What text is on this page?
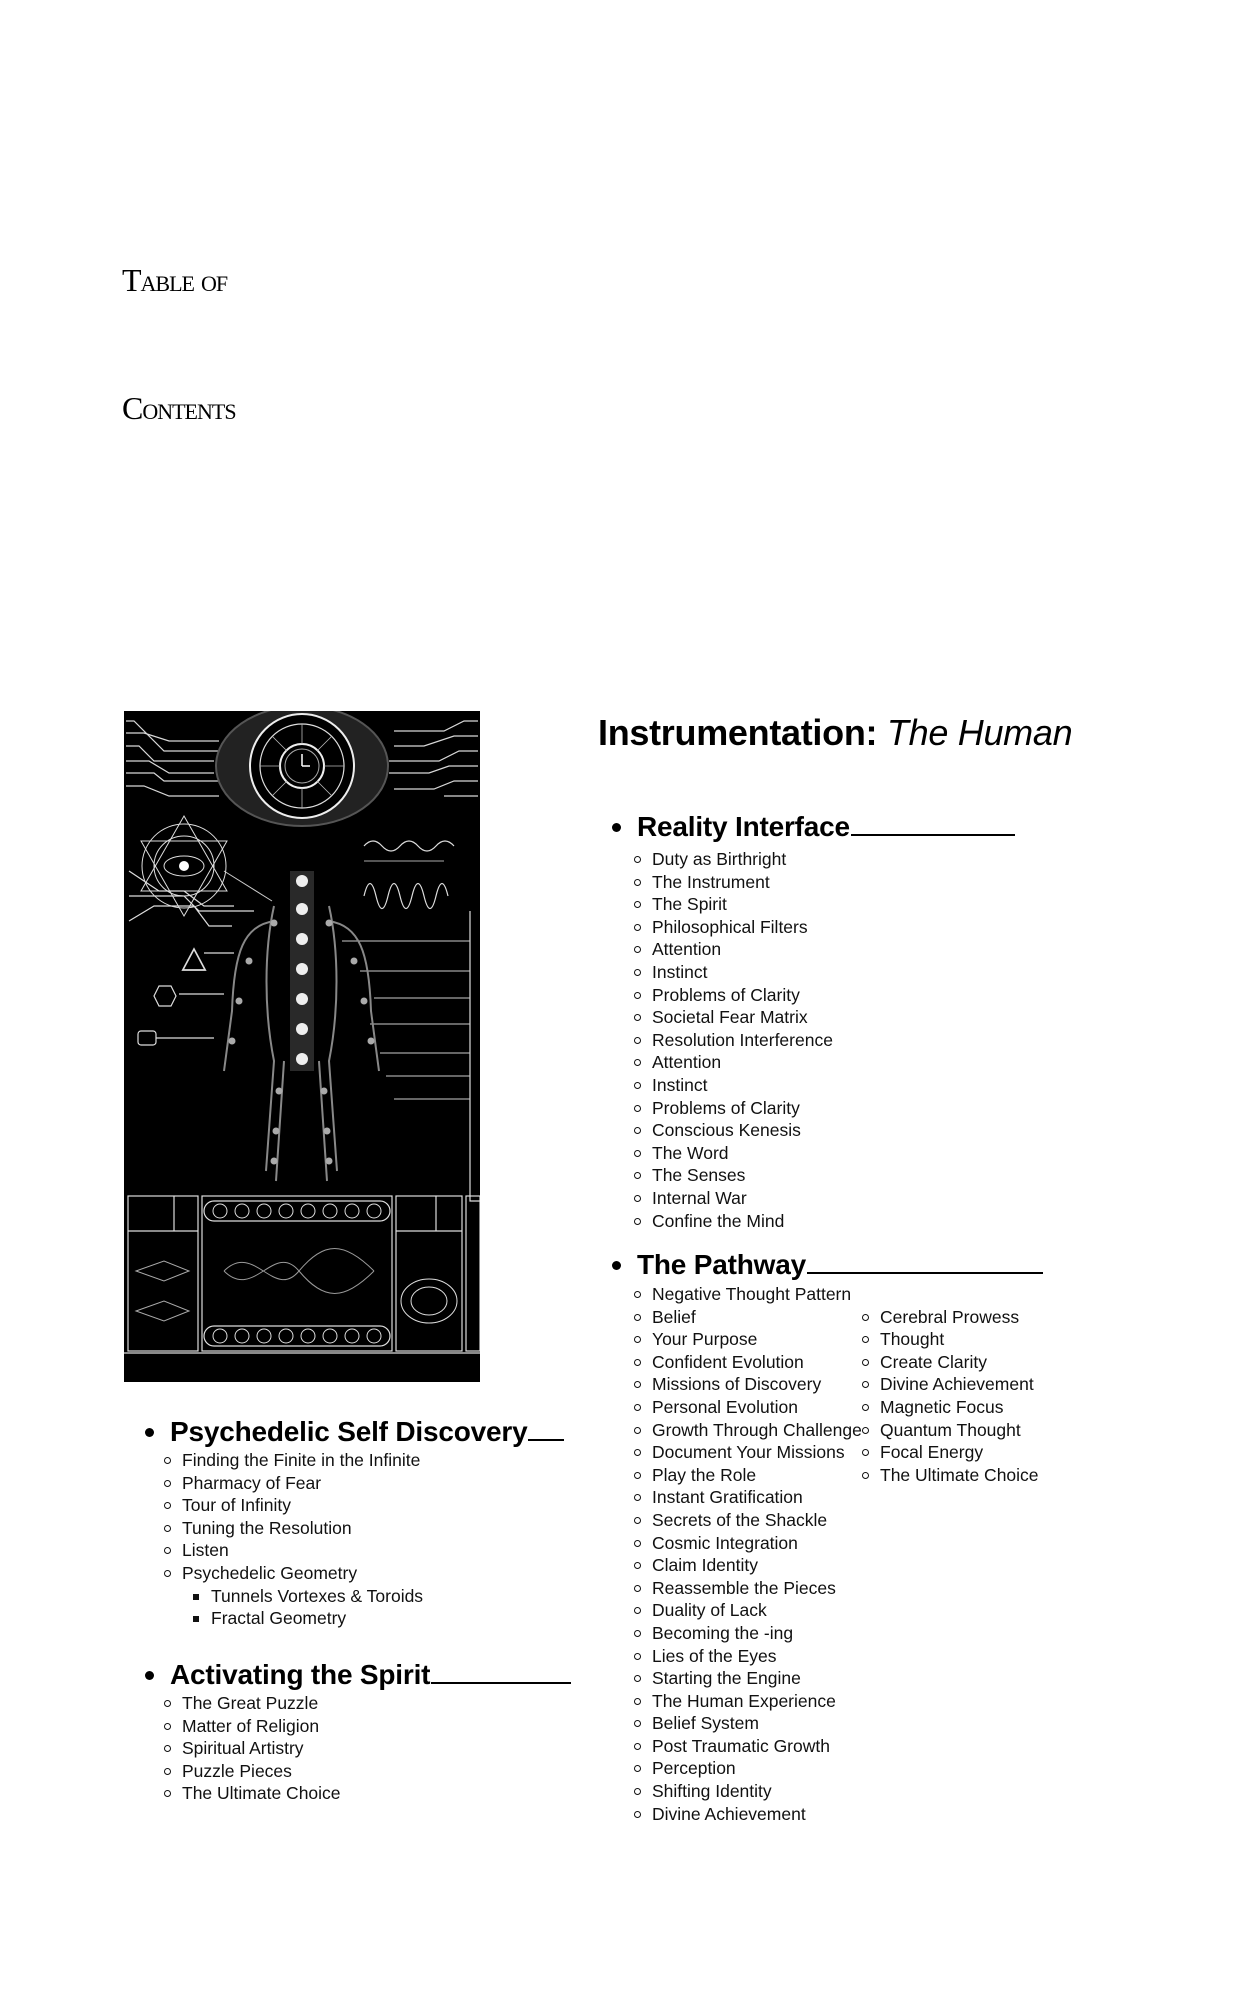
Table of
Contents
Instrumentation: The Human
Reality Interface
Duty as Birthright
The Instrument
The Spirit
Philosophical Filters
Attention
Instinct
Problems of Clarity
Societal Fear Matrix
Resolution Interference
Attention
Instinct
Problems of Clarity
Conscious Kenesis
The Word
The Senses
Internal War
Confine the Mind
The Pathway
Negative Thought Pattern
Belief
Your Purpose
Confident Evolution
Missions of Discovery
Personal Evolution
Growth Through Challenge
Document Your Missions
Play the Role
Instant Gratification
Secrets of the Shackle
Cosmic Integration
Claim Identity
Reassemble the Pieces
Duality of Lack
Becoming the -ing
Lies of the Eyes
Starting the Engine
The Human Experience
Belief System
Post Traumatic Growth
Perception
Shifting Identity
Divine Achievement
Cerebral Prowess
Thought
Create Clarity
Divine Achievement
Magnetic Focus
Quantum Thought
Focal Energy
The Ultimate Choice
Psychedelic Self Discovery
Finding the Finite in the Infinite
Pharmacy of Fear
Tour of Infinity
Tuning the Resolution
Listen
Psychedelic Geometry
Tunnels Vortexes & Toroids
Fractal Geometry
Activating the Spirit
The Great Puzzle
Matter of Religion
Spiritual Artistry
Puzzle Pieces
The Ultimate Choice
